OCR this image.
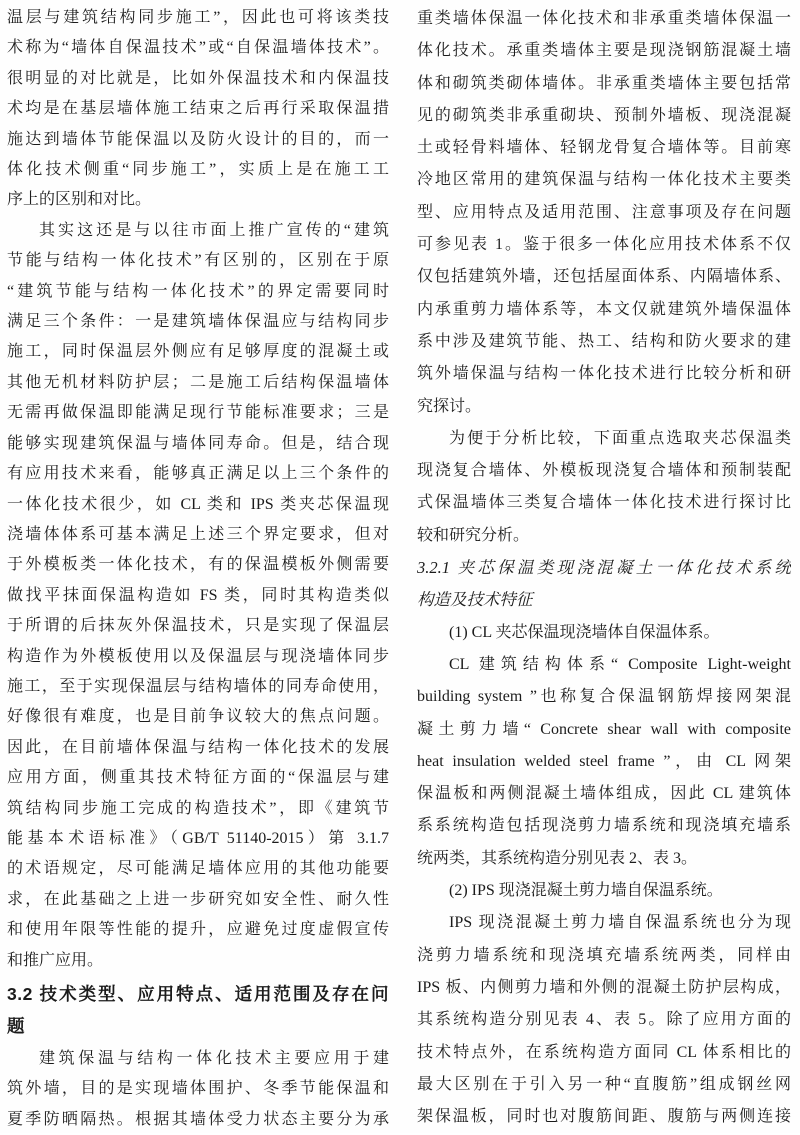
温层与建筑结构同步施工”，因此也可将该类技
术称为“墙体自保温技术”或“自保温墙体技术”。
很明显的对比就是，比如外保温技术和内保温技
术均是在基层墙体施工结束之后再行采取保温措
施达到墙体节能保温以及防火设计的目的，而一
体化技术侧重“同步施工”，实质上是在施工工
序上的区别和对比。
其实这还是与以往市面上推广宣传的“建筑
节能与结构一体化技术”有区别的，区别在于原
“建筑节能与结构一体化技术”的界定需要同时
满足三个条件：一是建筑墙体保温应与结构同步
施工，同时保温层外侧应有足够厚度的混凝土或
其他无机材料防护层；二是施工后结构保温墙体
无需再做保温即能满足现行节能标准要求；三是
能够实现建筑保温与墙体同寿命。但是，结合现
有应用技术来看，能够真正满足以上三个条件的
一体化技术很少，如 CL 类和 IPS 类夹芯保温现
浇墙体体系可基本满足上述三个界定要求，但对
于外模板类一体化技术，有的保温模板外侧需要
做找平抹面保温构造如 FS 类，同时其构造类似
于所谓的后抹灰外保温技术，只是实现了保温层
构造作为外模板使用以及保温层与现浇墙体同步
施工，至于实现保温层与结构墙体的同寿命使用，
好像很有难度，也是目前争议较大的焦点问题。
因此，在目前墙体保温与结构一体化技术的发展
应用方面，侧重其技术特征方面的“保温层与建
筑结构同步施工完成的构造技术”，即《建筑节
能基本术语标准》（GB/T 51140-2015）第 3.1.7
的术语规定，尽可能满足墙体应用的其他功能要
求，在此基础之上进一步研究如安全性、耐久性
和使用年限等性能的提升，应避免过度虚假宣传
和推广应用。
3.2 技术类型、应用特点、适用范围及存在问
题
建筑保温与结构一体化技术主要应用于建
筑外墙，目的是实现墙体围护、冬季节能保温和
夏季防晒隔热。根据其墙体受力状态主要分为承
重类墙体保温一体化技术和非承重类墙体保温一
体化技术。承重类墙体主要是现浇钢筋混凝土墙
体和砌筑类砌体墙体。非承重类墙体主要包括常
见的砌筑类非承重砌块、预制外墙板、现浇混凝
土或轻骨料墙体、轻钢龙骨复合墙体等。目前寒
冷地区常用的建筑保温与结构一体化技术主要类
型、应用特点及适用范围、注意事项及存在问题
可参见表 1。鉴于很多一体化应用技术体系不仅
仅包括建筑外墙，还包括屋面体系、内隔墙体系、
内承重剪力墙体系等，本文仅就建筑外墙保温体
系中涉及建筑节能、热工、结构和防火要求的建
筑外墙保温与结构一体化技术进行比较分析和研
究探讨。
为便于分析比较，下面重点选取夹芯保温类
现浇复合墙体、外模板现浇复合墙体和预制装配
式保温墙体三类复合墙体一体化技术进行探讨比
较和研究分析。
3.2.1 夹芯保温类现浇混凝土一体化技术系统
构造及技术特征
(1) CL 夹芯保温现浇墙体自保温体系。
CL 建筑结构体系“ Composite Light-weight
building system ”也称复合保温钢筋焊接网架混
凝土剪力墙“ Concrete shear wall with composite
heat insulation welded steel frame ”，由 CL 网架
保温板和两侧混凝土墙体组成，因此 CL 建筑体
系系统构造包括现浇剪力墙系统和现浇填充墙系
统两类，其系统构造分别见表 2、表 3。
(2) IPS 现浇混凝土剪力墙自保温系统。
IPS 现浇混凝土剪力墙自保温系统也分为现
浇剪力墙系统和现浇填充墙系统两类，同样由
IPS 板、内侧剪力墙和外侧的混凝土防护层构成，
其系统构造分别见表 4、表 5。除了应用方面的
技术特点外，在系统构造方面同 CL 体系相比的
最大区别在于引入另一种“直腹筋”组成钢丝网
架保温板，同时也对腹筋间距、腹筋与两侧连接
